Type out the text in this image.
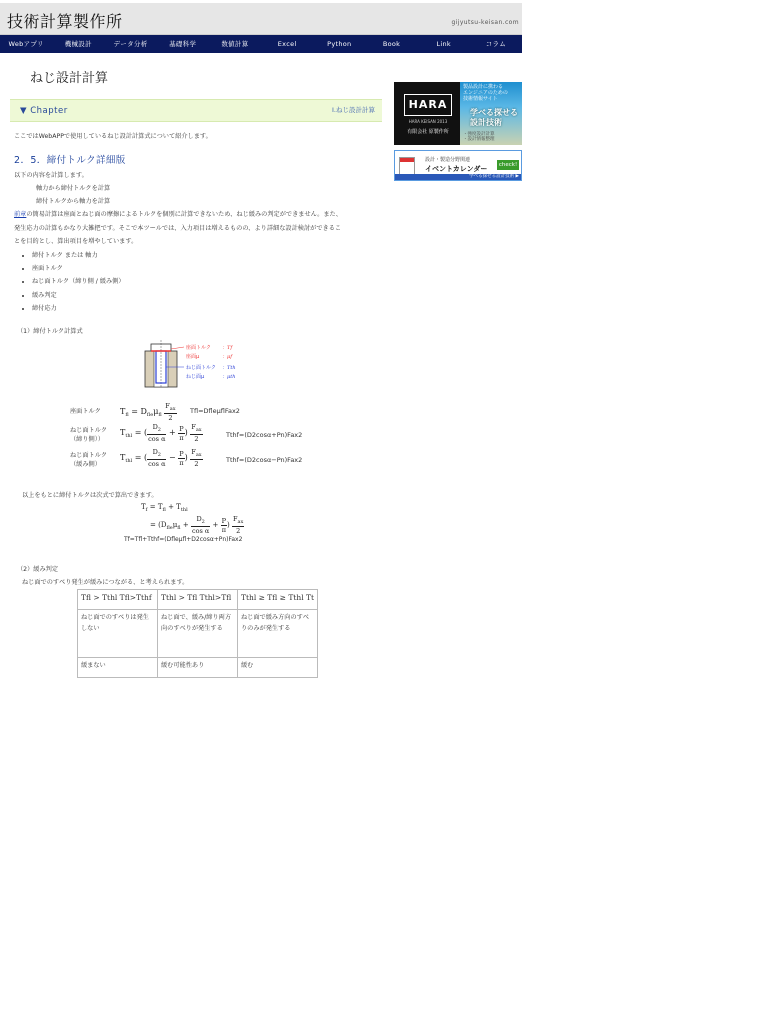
技術計算製作所	gijyutsu-keisan.com
Webアプリ	機械設計	データ分析	基礎科学	数値計算	Excel	Python	Book	Link	コラム
ねじ設計計算
▼ Chapter	I.ねじ設計計算
ここではWebAPPで使用しているねじ設計計算式について紹介します。
2．5．締付トルク詳細版
以下の内容を計算します。
軸力から締付トルクを計算
締付トルクから軸力を計算
前章の簡易計算は座面とねじ面の摩擦によるトルクを個別に計算できないため、ねじ緩みの判定ができません。また、
発生応力の計算もかなり大雑把です。そこで本ツールでは、入力項目は増えるものの、より詳細な設計検討ができるこ
とを目的とし、算出項目を増やしています。
• 締付トルク または 軸力
• 座面トルク
• ねじ面トルク（締り側 / 緩み側）
• 緩み判定
• 締付応力
（1）締付トルク計算式
座面トルク
座面μ
ねじ面トルク
ねじ面μ
：Tf
：μf
：Tth
：μth
座面トルク $T_{fl} = D_{fle}\mu_{fl} \frac{F_{ax}}{2}$ Tfl=DfleμflFax2
ねじ面トルク
（締り側））
$T_{thl}$ = ( $\frac{D_2}{\text{cos α}} + \frac{P}{\pi}$ ) $\frac{F_{ax}}{2}$	Tthf=(D2cosα+Pn)Fax2
ねじ面トルク
（緩み側）
$T_{thl}$ = ( $\frac{D_2}{\text{cos α}} - \frac{P}{\pi}$ ) $\frac{F_{ax}}{2}$	Tthf=(D2cosα−Pn)Fax2
以上をもとに締付トルクは次式で算出できます。
$T_f = T_{fl} + T_{thl}$
= ($D_{fle}\mu_{fl} + \frac{D_2}{\text{cos α}} + \frac{P}{\pi}$ ) $\frac{F_{ax}}{2}$
Tf=Tfl+Tthf=(Dfleμfl+D2cosα+Pn)Fax2
（2）緩み判定
ねじ面でのすべり発生が緩みにつながる、と考えられます。
Tfl > Tthl Tfl>Tthf	Tthl > Tfl Tthl>Tfl	Tthl ≥ Tfl ≥ Tthl Tt
ねじ面でのすべりは発生しない	ねじ面で、緩み/締り両方向のすべりが発生する	ねじ面で緩み方向のすべりのみが発生する
緩まない	緩む可能性あり	緩む
HARA
HARA KEISAN 2013
有限会社 原製作所
製品設計に携わる
エンジニアのための
技術情報サイト
学べる探せる
設計技術
・強度設計計算
・設計情報整理
設計・製造分野関連
イベントカレンダー	check!
学べる探せる設計技術 ▶
